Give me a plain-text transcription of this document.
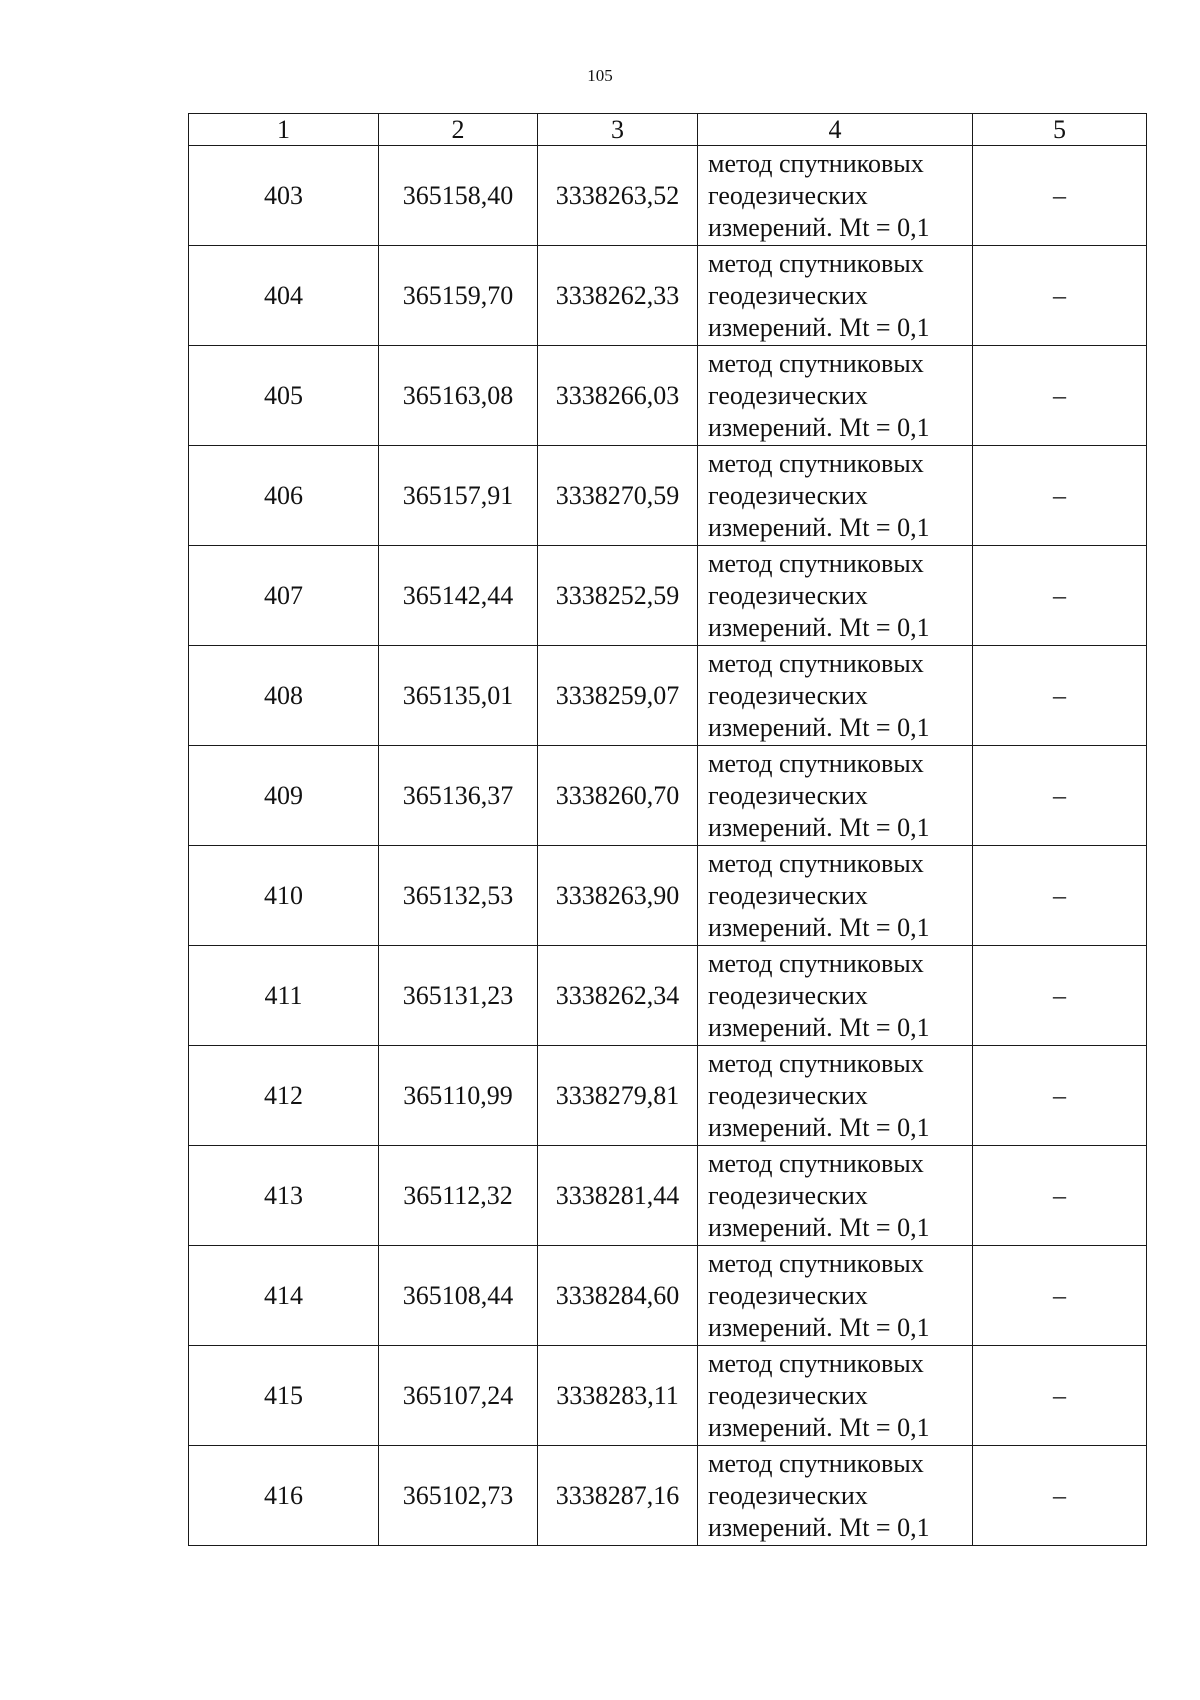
105
1	2	3	4	5
403	365158,40	3338263,52	метод спутниковых
геодезических
измерений. Mt = 0,1	–
404	365159,70	3338262,33	метод спутниковых
геодезических
измерений. Mt = 0,1	–
405	365163,08	3338266,03	метод спутниковых
геодезических
измерений. Mt = 0,1	–
406	365157,91	3338270,59	метод спутниковых
геодезических
измерений. Mt = 0,1	–
407	365142,44	3338252,59	метод спутниковых
геодезических
измерений. Mt = 0,1	–
408	365135,01	3338259,07	метод спутниковых
геодезических
измерений. Mt = 0,1	–
409	365136,37	3338260,70	метод спутниковых
геодезических
измерений. Mt = 0,1	–
410	365132,53	3338263,90	метод спутниковых
геодезических
измерений. Mt = 0,1	–
411	365131,23	3338262,34	метод спутниковых
геодезических
измерений. Mt = 0,1	–
412	365110,99	3338279,81	метод спутниковых
геодезических
измерений. Mt = 0,1	–
413	365112,32	3338281,44	метод спутниковых
геодезических
измерений. Mt = 0,1	–
414	365108,44	3338284,60	метод спутниковых
геодезических
измерений. Mt = 0,1	–
415	365107,24	3338283,11	метод спутниковых
геодезических
измерений. Mt = 0,1	–
416	365102,73	3338287,16	метод спутниковых
геодезических
измерений. Mt = 0,1	–
